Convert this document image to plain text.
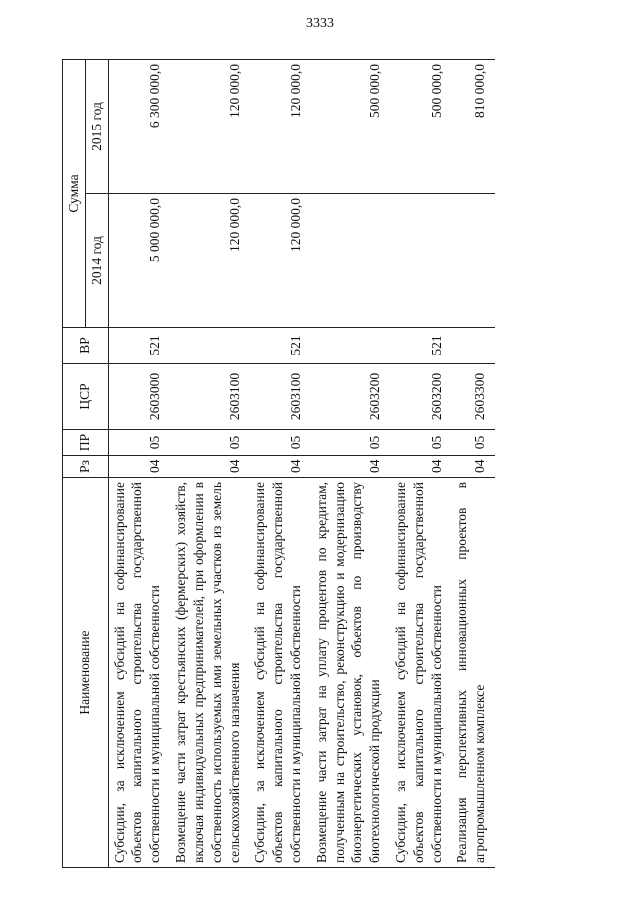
3333
Наименование	Рз	ПР	ЦСР	ВР	Сумма	
					2014 год	2015 год
Субсидии, за исключением субсидий на софинансирование объектов капитального строительства государственной собственности и муниципальной собственности	04	05	2603000	521	5 000 000,0	6 300 000,0
Возмещение части затрат крестьянских (фермерских) хозяйств, включая индивидуальных предпринимателей, при оформлении в собственность используемых ими земельных участков из земель сельскохозяйственного назначения	04	05	2603100		120 000,0	120 000,0
Субсидии, за исключением субсидий на софинансирование объектов капитального строительства государственной собственности и муниципальной собственности	04	05	2603100	521	120 000,0	120 000,0
Возмещение части затрат на уплату процентов по кредитам, полученным на строительство, реконструкцию и модернизацию биоэнергетических установок, объектов по производству биотехнологической продукции	04	05	2603200			500 000,0
Субсидии, за исключением субсидий на софинансирование объектов капитального строительства государственной собственности и муниципальной собственности	04	05	2603200	521		500 000,0
Реализация перспективных инновационных проектов в агропромышленном комплексе	04	05	2603300			810 000,0
